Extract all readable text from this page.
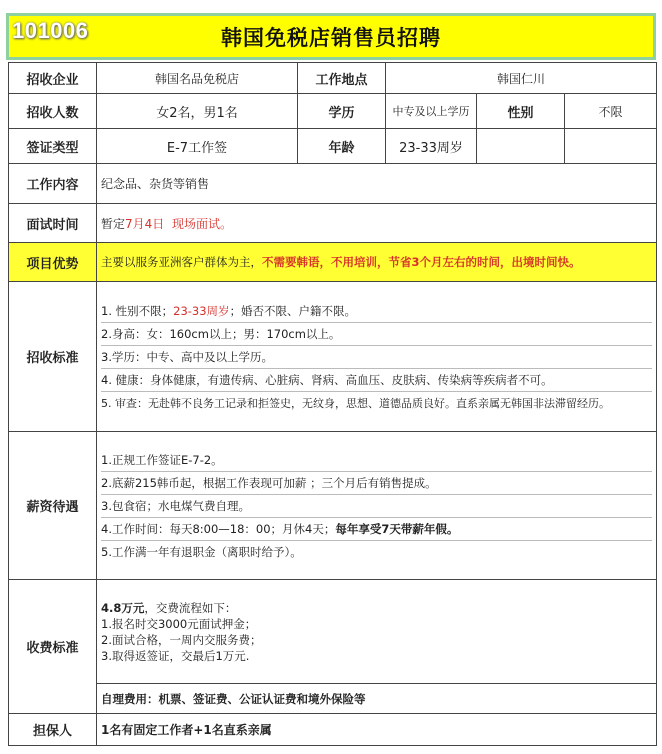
101006	韩国免税店销售员招聘
招收企业	韩国名品免税店	工作地点	韩国仁川		
招收人数	女2名，男1名	学历	中专及以上学历	性别	不限
签证类型	E-7工作签	年龄	23-33周岁		
工作内容	纪念品、杂货等销售				
面试时间	暂定7月4日 现场面试。				
项目优势	主要以服务亚洲客户群体为主，不需要韩语，不用培训，节省3个月左右的时间，出境时间快。				
招收标准	1. 性别不限；23-33周岁；婚否不限、户籍不限。
2.身高：女：160cm以上；男：170cm以上。
3.学历：中专、高中及以上学历。
4. 健康：身体健康，有遗传病、心脏病、肾病、高血压、皮肤病、传染病等疾病者不可。
5. 审查：无赴韩不良务工记录和拒签史，无纹身，思想、道德品质良好。直系亲属无韩国非法滞留经历。				

薪资待遇	1.正规工作签证E-7-2。
2.底薪215韩币起，根据工作表现可加薪 ；三个月后有销售提成。
3.包食宿；水电煤气费自理。
4.工作时间：每天8:00—18：00；月休4天；每年享受7天带薪年假。
5.工作满一年有退职金（离职时给予）。				

收费标准	4.8万元，交费流程如下：
1.报名时交3000元面试押金；
2.面试合格，一周内交服务费；
3.取得返签证，交最后1万元.				

	自理费用：机票、签证费、公证认证费和境外保险等				
担保人	1名有固定工作者+1名直系亲属				
